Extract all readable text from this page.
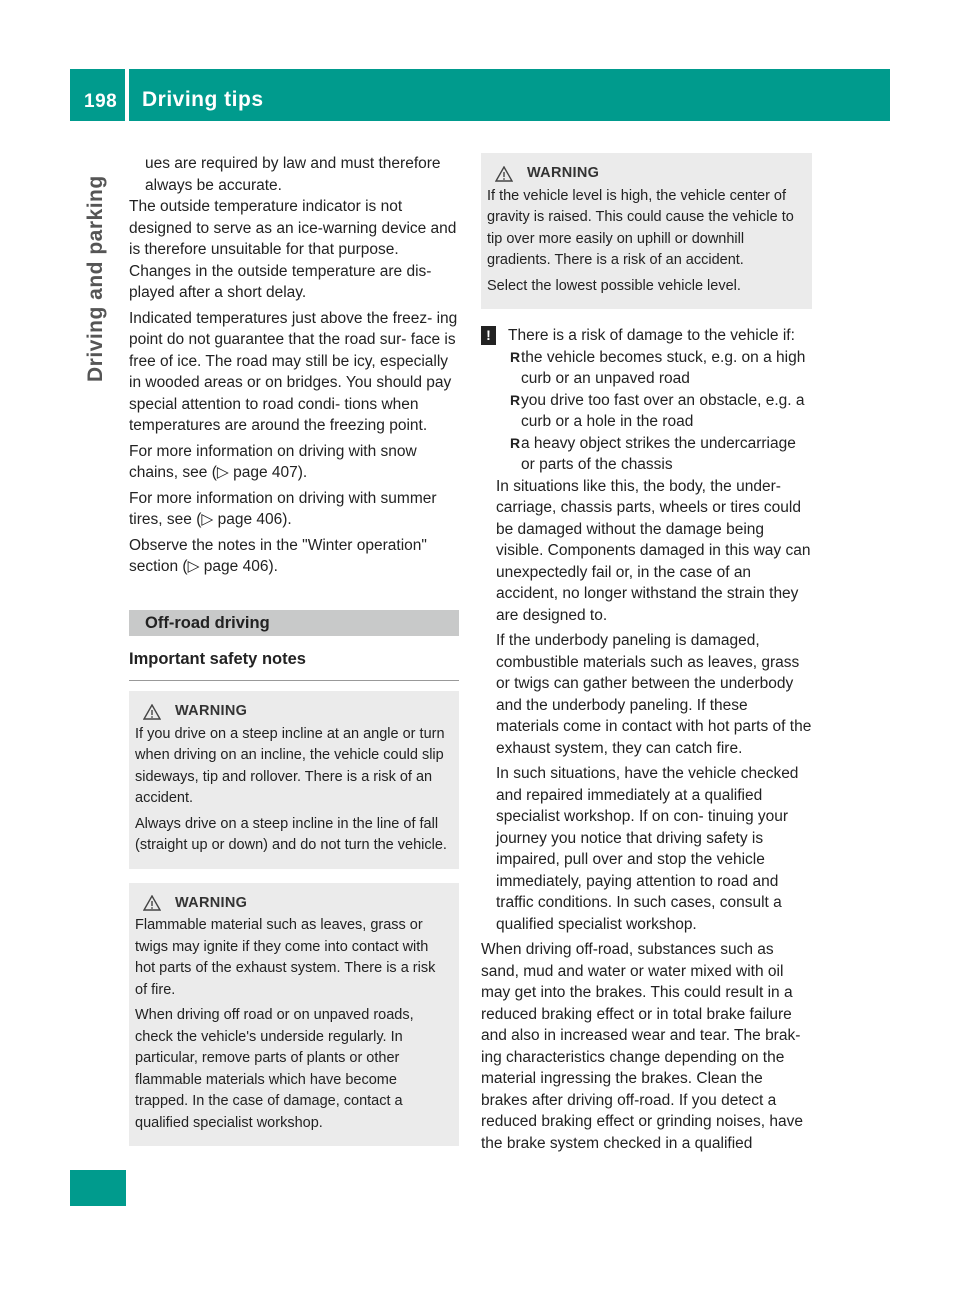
198 Driving tips
Driving and parking

ues are required by law and must therefore

always be accurate.

The outside temperature indicator is not designed to serve as an ice-warning device and is therefore unsuitable for that purpose. Changes in the outside temperature are dis- played after a short delay.

Indicated temperatures just above the freez- ing point do not guarantee that the road sur- face is free of ice. The road may still be icy, especially in wooded areas or on bridges. You should pay special attention to road condi- tions when temperatures are around the freezing point.

For more information on driving with snow

chains, see (▷ page 407).

For more information on driving with summer

tires, see (▷ page 406).

Observe the notes in the "Winter operation"

section (▷ page 406).

Off-road driving
Important safety notes
WARNING

If you drive on a steep incline at an angle or turn when driving on an incline, the vehicle could slip sideways, tip and rollover. There is a risk of an accident.

Always drive on a steep incline in the line of fall (straight up or down) and do not turn the vehicle.

WARNING

Flammable material such as leaves, grass or twigs may ignite if they come into contact with hot parts of the exhaust system. There is a risk of fire.

When driving off road or on unpaved roads, check the vehicle's underside regularly. In particular, remove parts of plants or other flammable materials which have become trapped. In the case of damage, contact a qualified specialist workshop.

WARNING

If the vehicle level is high, the vehicle center of gravity is raised. This could cause the vehicle to tip over more easily on uphill or downhill gradients. There is a risk of an accident.

Select the lowest possible vehicle level.

!	There is a risk of damage to the vehicle if:

R the vehicle becomes stuck, e.g. on a high curb or an unpaved road
R you drive too fast over an obstacle, e.g. a curb or a hole in the road
R a heavy object strikes the undercarriage or parts of the chassis

In situations like this, the body, the under- carriage, chassis parts, wheels or tires could be damaged without the damage being visible. Components damaged in this way can unexpectedly fail or, in the case of an accident, no longer withstand the strain they are designed to.

If the underbody paneling is damaged, combustible materials such as leaves, grass or twigs can gather between the underbody and the underbody paneling. If these materials come in contact with hot parts of the exhaust system, they can catch fire.

In such situations, have the vehicle checked and repaired immediately at a qualified specialist workshop. If on con- tinuing your journey you notice that driving safety is impaired, pull over and stop the vehicle immediately, paying attention to road and traffic conditions. In such cases, consult a qualified specialist workshop.

When driving off-road, substances such as sand, mud and water or water mixed with oil may get into the brakes. This could result in a reduced braking effect or in total brake failure and also in increased wear and tear. The brak- ing characteristics change depending on the material ingressing the brakes. Clean the brakes after driving off-road. If you detect a reduced braking effect or grinding noises, have the brake system checked in a qualified
